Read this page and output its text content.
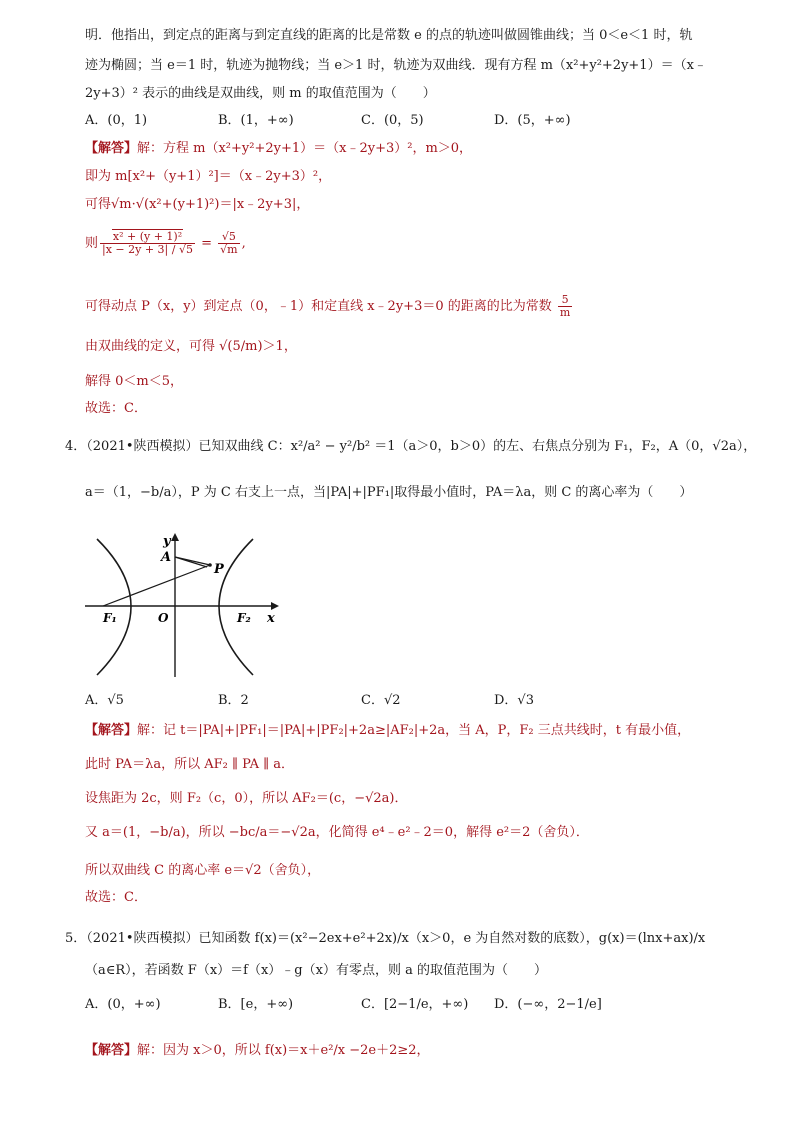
明．他指出，到定点的距离与到定直线的距离的比是常数 e 的点的轨迹叫做圆锥曲线；当 0＜e＜1 时，轨
迹为椭圆；当 e＝1 时，轨迹为抛物线；当 e＞1 时，轨迹为双曲线．现有方程 m（x²+y²+2y+1）＝（x﹣
2y+3）² 表示的曲线是双曲线，则 m 的取值范围为（　　）
A．(0，1)	B．(1，+∞)	C．(0，5)	D．(5，+∞)
【解答】解：方程 m（x²+y²+2y+1）＝（x﹣2y+3）²，m＞0，
即为 m[x²+（y+1）²]＝（x﹣2y+3）²，
可得√m·√(x²+(y+1)²)＝|x﹣2y+3|，
则 $\frac{\text{x² + (y + 1)²}}{|x - 2y + 3| / √5} = \frac{√5}{√m}$ ,
可得动点 P（x，y）到定点（0，﹣1）和定直线 x﹣2y+3＝0 的距离的比为常数 $\frac{5}{m}$
由双曲线的定义，可得 √(5/m)＞1，
解得 0＜m＜5，
故选：C．
4．（2021•陕西模拟）已知双曲线 C：x²/a² − y²/b² ＝1（a＞0，b＞0）的左、右焦点分别为 F₁，F₂，A（0，√2a），
a＝（1，−b/a），P 为 C 右支上一点，当|PA|+|PF₁|取得最小值时，PA＝λa，则 C 的离心率为（　　）
y
A
P
F₁	O	F₂ x
A．√5	B．2	C．√2	D．√3
【解答】解：记 t＝|PA|+|PF₁|＝|PA|+|PF₂|+2a≥|AF₂|+2a，当 A，P，F₂ 三点共线时，t 有最小值，
此时 PA＝λa，所以 AF₂ ∥ PA ∥ a．
设焦距为 2c，则 F₂（c，0），所以 AF₂＝(c，−√2a)．
又 a＝(1，−b/a)，所以 −bc/a＝−√2a，化简得 e⁴﹣e²﹣2＝0，解得 e²＝2（舍负）．
所以双曲线 C 的离心率 e＝√2（舍负），
故选：C．
5．（2021•陕西模拟）已知函数 f(x)＝(x²−2ex+e²+2x)/x（x＞0，e 为自然对数的底数），g(x)＝(lnx+ax)/x
（a∈R），若函数 F（x）＝f（x）﹣g（x）有零点，则 a 的取值范围为（　　）
A．(0，+∞)	B．[e，+∞)	C．[2−1/e，+∞) D．(−∞，2−1/e]
【解答】解：因为 x＞0，所以 f(x)＝x＋e²/x −2e＋2≥2，
